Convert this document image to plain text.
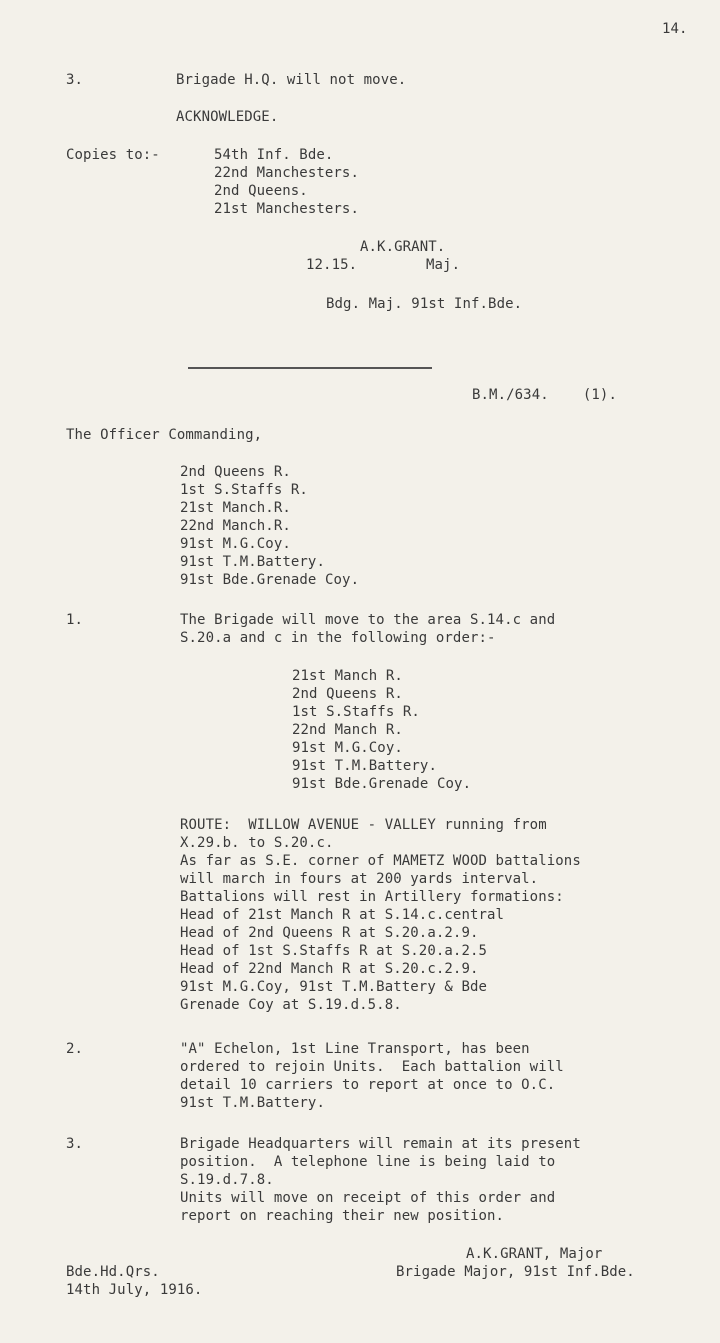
14.
3.	Brigade H.Q. will not move.
ACKNOWLEDGE.
Copies to:-	54th Inf. Bde.
22nd Manchesters.
2nd Queens.
21st Manchesters.
A.K.GRANT.
12.15.	Maj.
Bdg. Maj. 91st Inf.Bde.
B.M./634.    (1).
The Officer Commanding,
2nd Queens R.
1st S.Staffs R.
21st Manch.R.
22nd Manch.R.
91st M.G.Coy.
91st T.M.Battery.
91st Bde.Grenade Coy.
1.	The Brigade will move to the area S.14.c and
S.20.a and c in the following order:-
21st Manch R.
2nd Queens R.
1st S.Staffs R.
22nd Manch R.
91st M.G.Coy.
91st T.M.Battery.
91st Bde.Grenade Coy.
ROUTE:  WILLOW AVENUE - VALLEY running from
X.29.b. to S.20.c.
As far as S.E. corner of MAMETZ WOOD battalions
will march in fours at 200 yards interval.
Battalions will rest in Artillery formations:
Head of 21st Manch R at S.14.c.central
Head of 2nd Queens R at S.20.a.2.9.
Head of 1st S.Staffs R at S.20.a.2.5
Head of 22nd Manch R at S.20.c.2.9.
91st M.G.Coy, 91st T.M.Battery & Bde
Grenade Coy at S.19.d.5.8.
2.	"A" Echelon, 1st Line Transport, has been
ordered to rejoin Units.  Each battalion will
detail 10 carriers to report at once to O.C.
91st T.M.Battery.
3.	Brigade Headquarters will remain at its present
position.  A telephone line is being laid to
S.19.d.7.8.
Units will move on receipt of this order and
report on reaching their new position.
A.K.GRANT, Major
Bde.Hd.Qrs.	Brigade Major, 91st Inf.Bde.
14th July, 1916.
